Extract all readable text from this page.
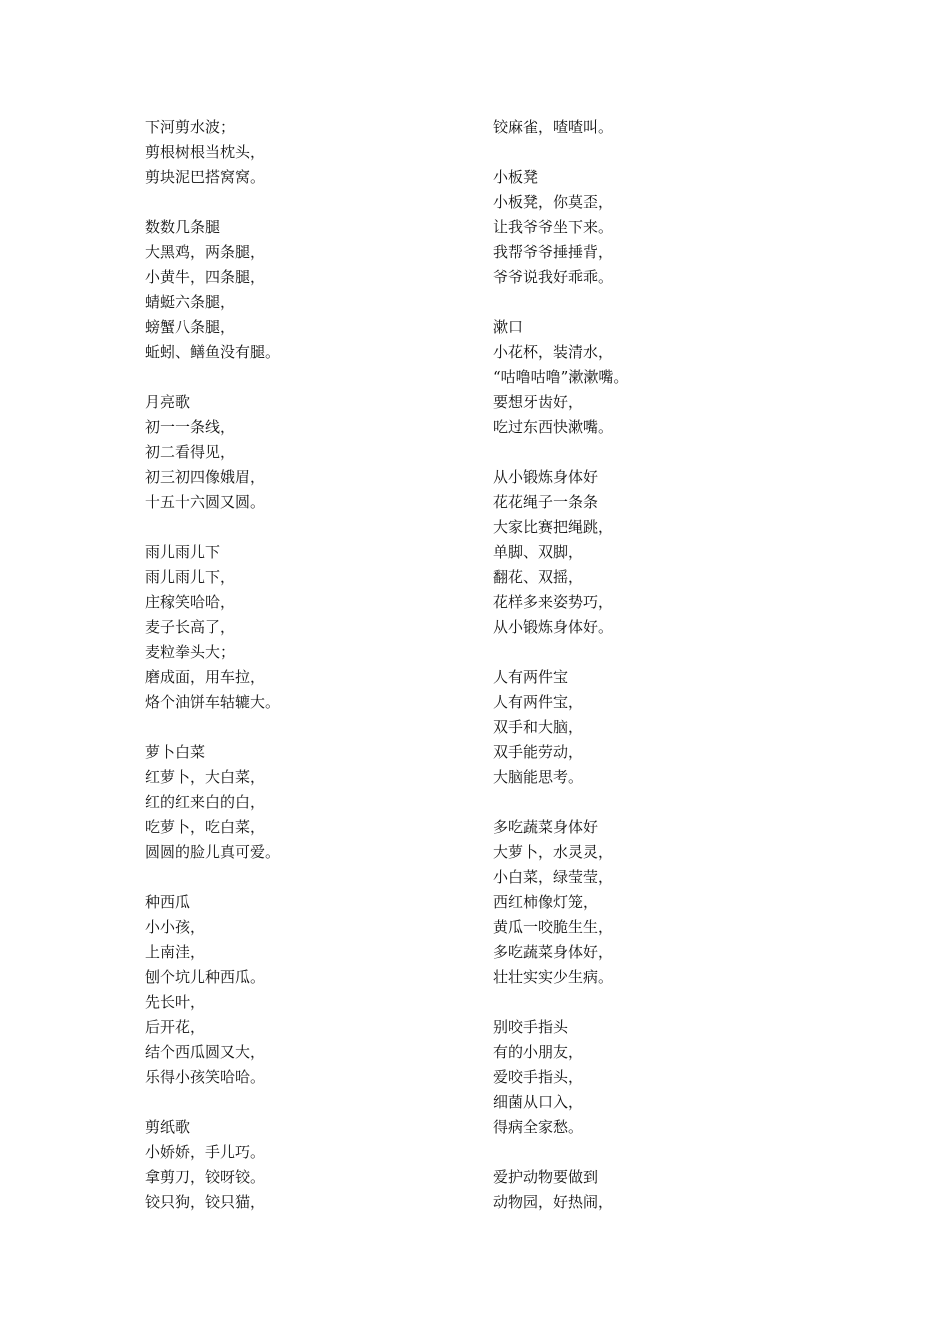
下河剪水波；
剪根树根当枕头，
剪块泥巴搭窝窝。
数数几条腿
大黑鸡，两条腿，
小黄牛，四条腿，
蜻蜓六条腿，
螃蟹八条腿，
蚯蚓、鳝鱼没有腿。
月亮歌
初一一条线，
初二看得见，
初三初四像娥眉，
十五十六圆又圆。
雨儿雨儿下
雨儿雨儿下，
庄稼笑哈哈，
麦子长高了，
麦粒拳头大；
磨成面，用车拉，
烙个油饼车轱辘大。
萝卜白菜
红萝卜，大白菜，
红的红来白的白，
吃萝卜，吃白菜，
圆圆的脸儿真可爱。
种西瓜
小小孩，
上南洼，
刨个坑儿种西瓜。
先长叶，
后开花，
结个西瓜圆又大，
乐得小孩笑哈哈。
剪纸歌
小娇娇，手儿巧。
拿剪刀，铰呀铰。
铰只狗，铰只猫，
铰麻雀，喳喳叫。
小板凳
小板凳，你莫歪，
让我爷爷坐下来。
我帮爷爷捶捶背，
爷爷说我好乖乖。
漱口
小花杯，装清水，
“咕噜咕噜”漱漱嘴。
要想牙齿好，
吃过东西快漱嘴。
从小锻炼身体好
花花绳子一条条
大家比赛把绳跳，
单脚、双脚，
翻花、双摇，
花样多来姿势巧，
从小锻炼身体好。
人有两件宝
人有两件宝，
双手和大脑，
双手能劳动，
大脑能思考。
多吃蔬菜身体好
大萝卜，水灵灵，
小白菜，绿莹莹，
西红柿像灯笼，
黄瓜一咬脆生生，
多吃蔬菜身体好，
壮壮实实少生病。
别咬手指头
有的小朋友，
爱咬手指头，
细菌从口入，
得病全家愁。
爱护动物要做到
动物园，好热闹，
